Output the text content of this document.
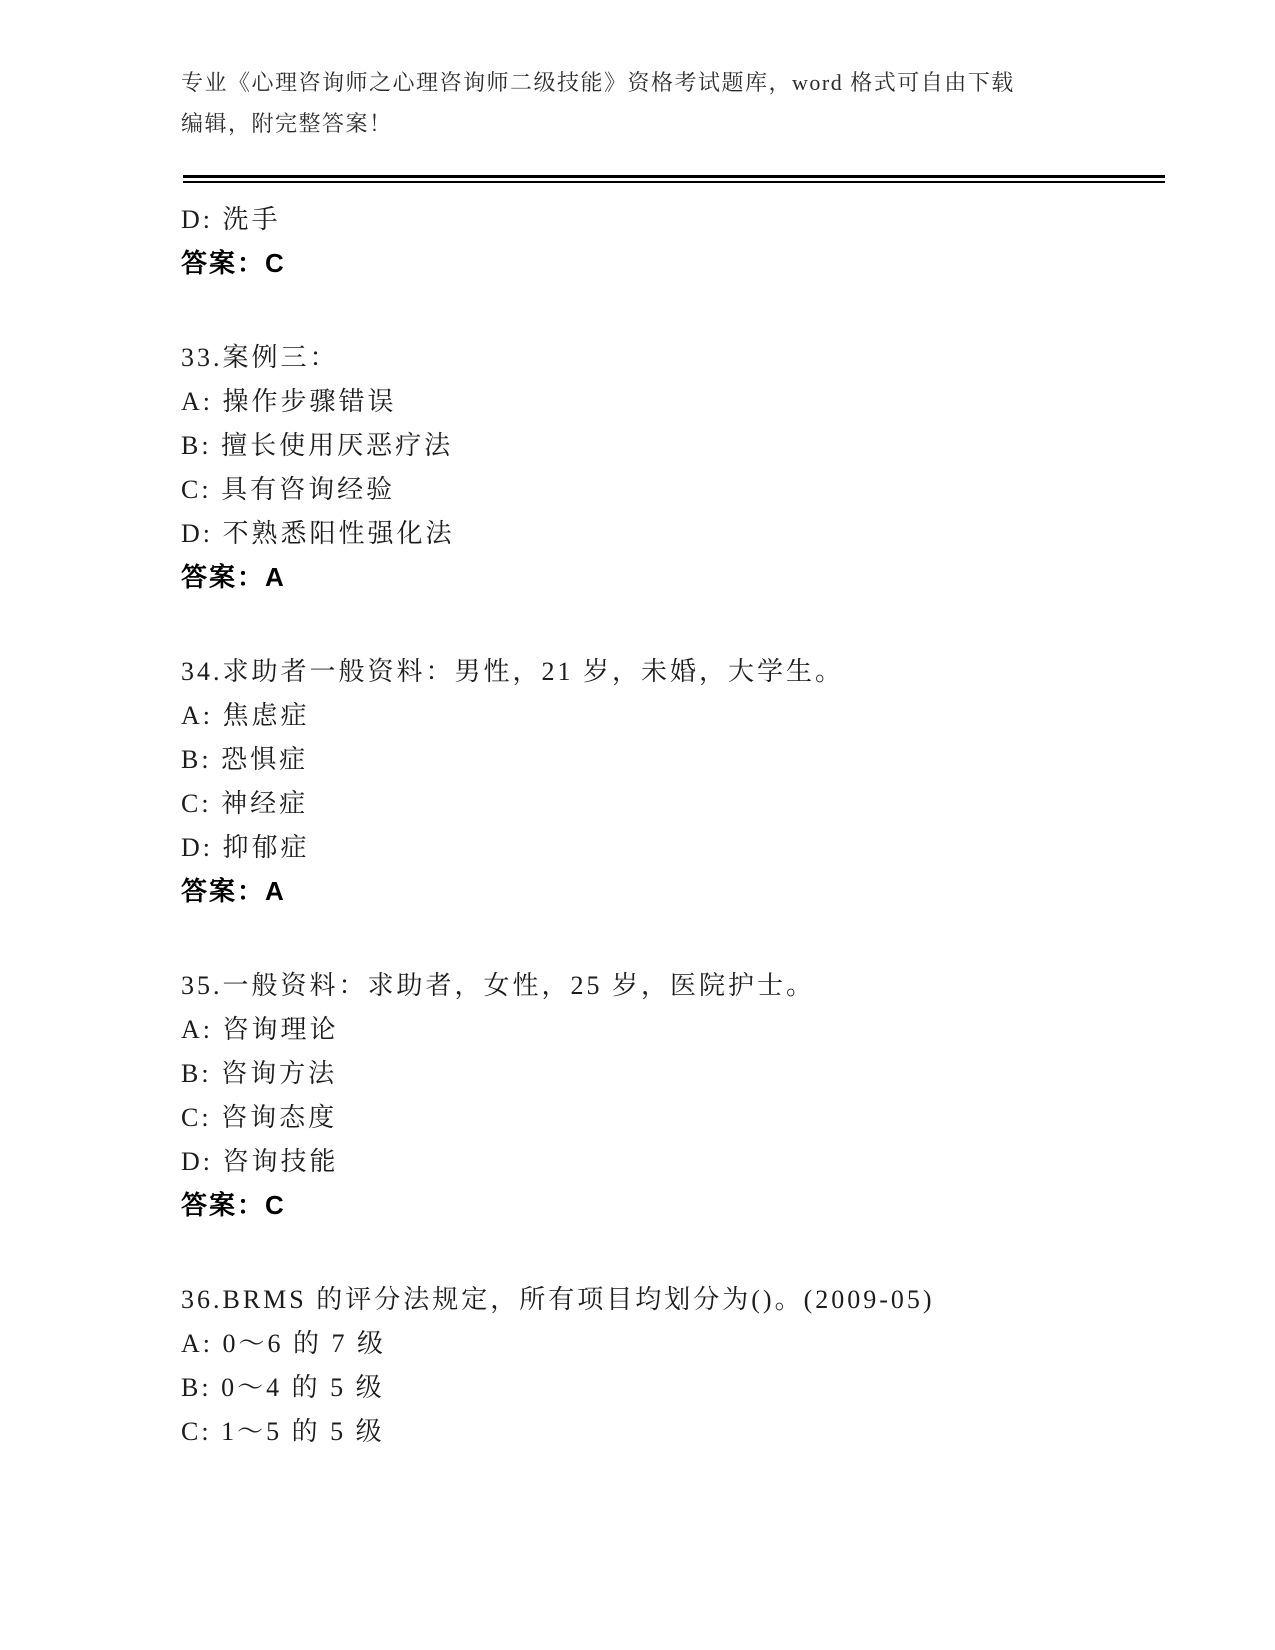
专业《心理咨询师之心理咨询师二级技能》资格考试题库，word 格式可自由下载
编辑，附完整答案！
D: 洗手
答案：C
33.案例三：
A: 操作步骤错误
B: 擅长使用厌恶疗法
C: 具有咨询经验
D: 不熟悉阳性强化法
答案：A
34.求助者一般资料：男性，21 岁，未婚，大学生。
A: 焦虑症
B: 恐惧症
C: 神经症
D: 抑郁症
答案：A
35.一般资料：求助者，女性，25 岁，医院护士。
A: 咨询理论
B: 咨询方法
C: 咨询态度
D: 咨询技能
答案：C
36.BRMS 的评分法规定，所有项目均划分为()。(2009-05)
A: 0～6 的 7 级
B: 0～4 的 5 级
C: 1～5 的 5 级
